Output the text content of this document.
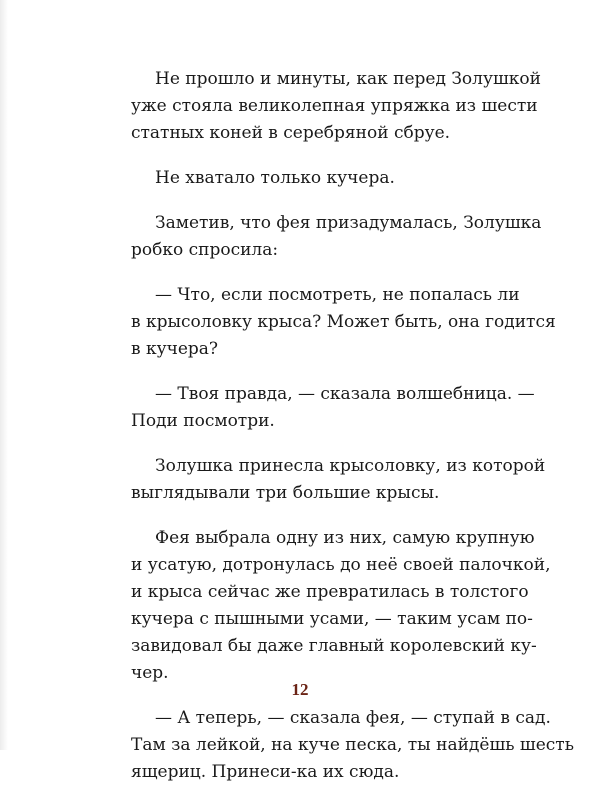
Не прошло и минуты, как перед Золушкой
уже стояла великолепная упряжка из шести
статных коней в серебряной сбруе.

Не хватало только кучера.

Заметив, что фея призадумалась, Золушка
робко спросила:

— Что, если посмотреть, не попалась ли
в крысоловку крыса? Может быть, она годится
в кучера?

— Твоя правда, — сказала волшебница. —
Поди посмотри.

Золушка принесла крысоловку, из которой
выглядывали три большие крысы.

Фея выбрала одну из них, самую крупную
и усатую, дотронулась до неё своей палочкой,
и крыса сейчас же превратилась в толстого
кучера с пышными усами, — таким усам по-
завидовал бы даже главный королевский ку-
чер.

— А теперь, — сказала фея, — ступай в сад.
Там за лейкой, на куче песка, ты найдёшь шесть
ящериц. Принеси-ка их сюда.

12
